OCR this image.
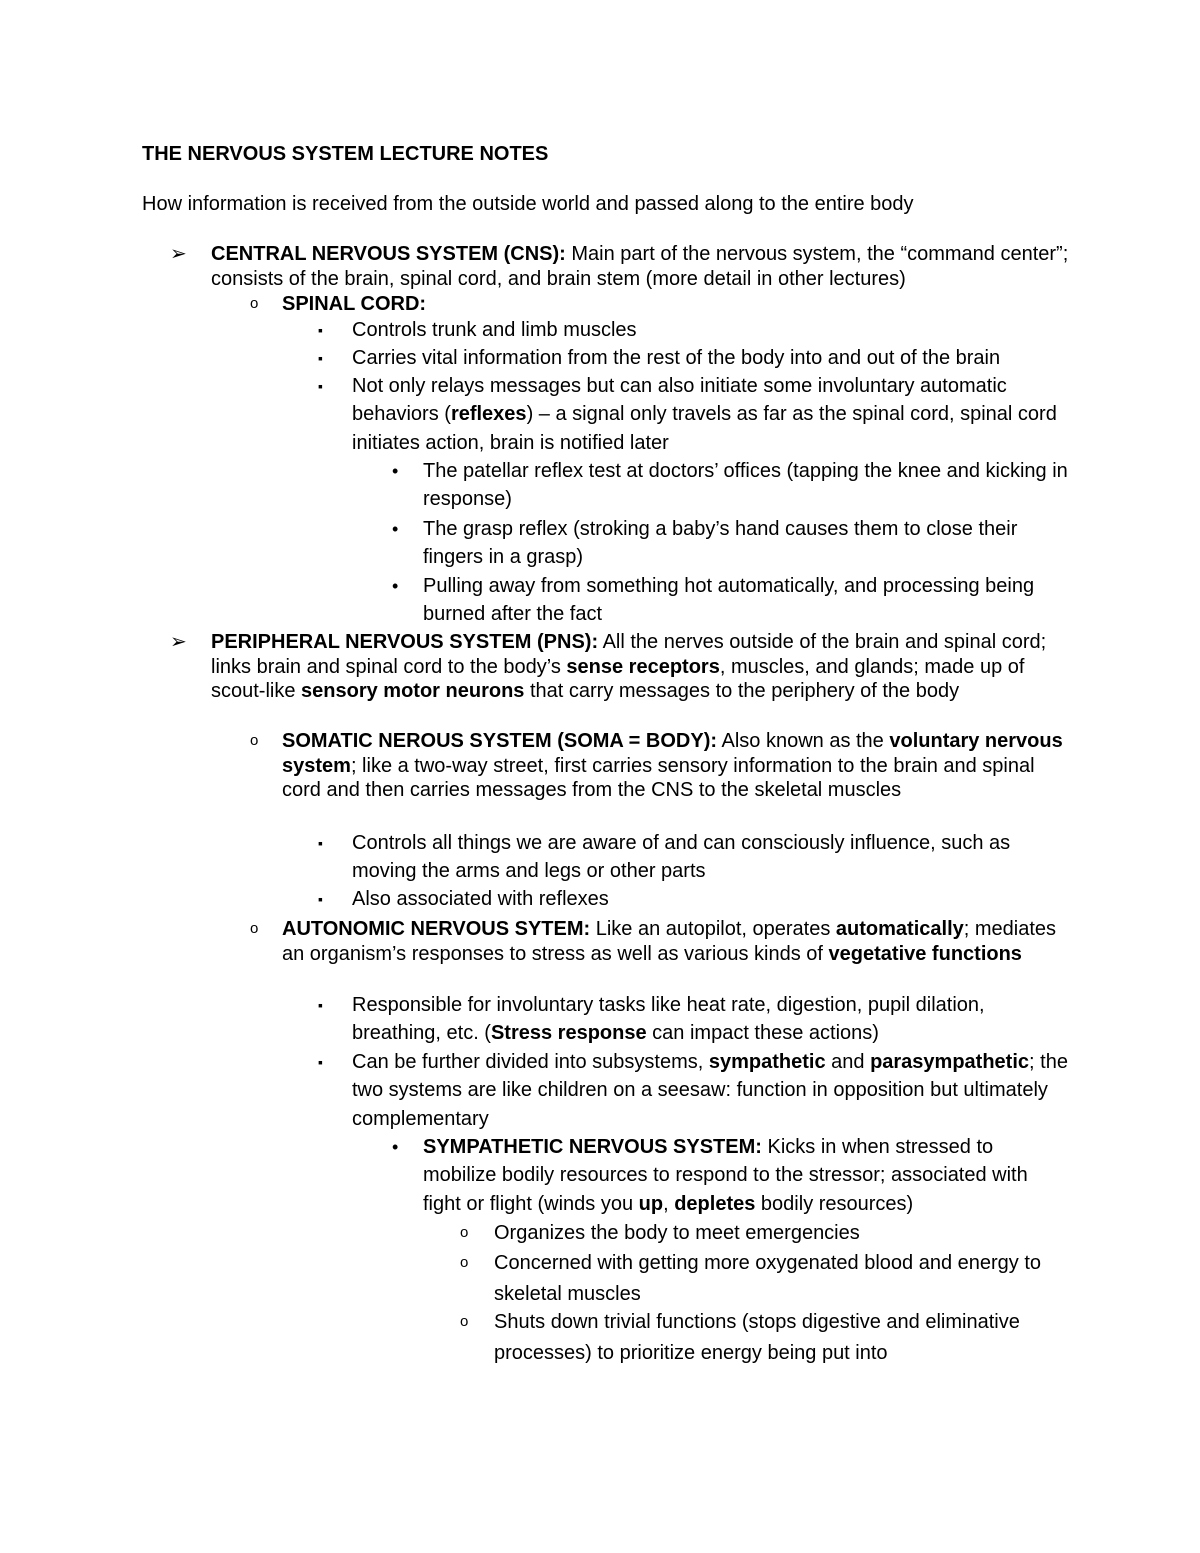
THE NERVOUS SYSTEM LECTURE NOTES

How information is received from the outside world and passed along to the entire body

➢ CENTRAL NERVOUS SYSTEM (CNS): Main part of the nervous system, the “command center”; consists of the brain, spinal cord, and brain stem (more detail in other lectures)
o SPINAL CORD:
▪ Controls trunk and limb muscles
▪ Carries vital information from the rest of the body into and out of the brain
▪ Not only relays messages but can also initiate some involuntary automatic behaviors (reflexes) – a signal only travels as far as the spinal cord, spinal cord initiates action, brain is notified later
• The patellar reflex test at doctors’ offices (tapping the knee and kicking in response)
• The grasp reflex (stroking a baby’s hand causes them to close their fingers in a grasp)
• Pulling away from something hot automatically, and processing being burned after the fact
➢ PERIPHERAL NERVOUS SYSTEM (PNS): All the nerves outside of the brain and spinal cord; links brain and spinal cord to the body’s sense receptors, muscles, and glands; made up of scout-like sensory motor neurons that carry messages to the periphery of the body
o SOMATIC NEROUS SYSTEM (SOMA = BODY): Also known as the voluntary nervous system; like a two-way street, first carries sensory information to the brain and spinal cord and then carries messages from the CNS to the skeletal muscles
▪ Controls all things we are aware of and can consciously influence, such as moving the arms and legs or other parts
▪ Also associated with reflexes
o AUTONOMIC NERVOUS SYTEM: Like an autopilot, operates automatically; mediates an organism’s responses to stress as well as various kinds of vegetative functions
▪ Responsible for involuntary tasks like heat rate, digestion, pupil dilation, breathing, etc. (Stress response can impact these actions)
▪ Can be further divided into subsystems, sympathetic and parasympathetic; the two systems are like children on a seesaw: function in opposition but ultimately complementary
• SYMPATHETIC NERVOUS SYSTEM: Kicks in when stressed to mobilize bodily resources to respond to the stressor; associated with fight or flight (winds you up, depletes bodily resources)
o Organizes the body to meet emergencies
o Concerned with getting more oxygenated blood and energy to skeletal muscles
o Shuts down trivial functions (stops digestive and eliminative processes) to prioritize energy being put into
